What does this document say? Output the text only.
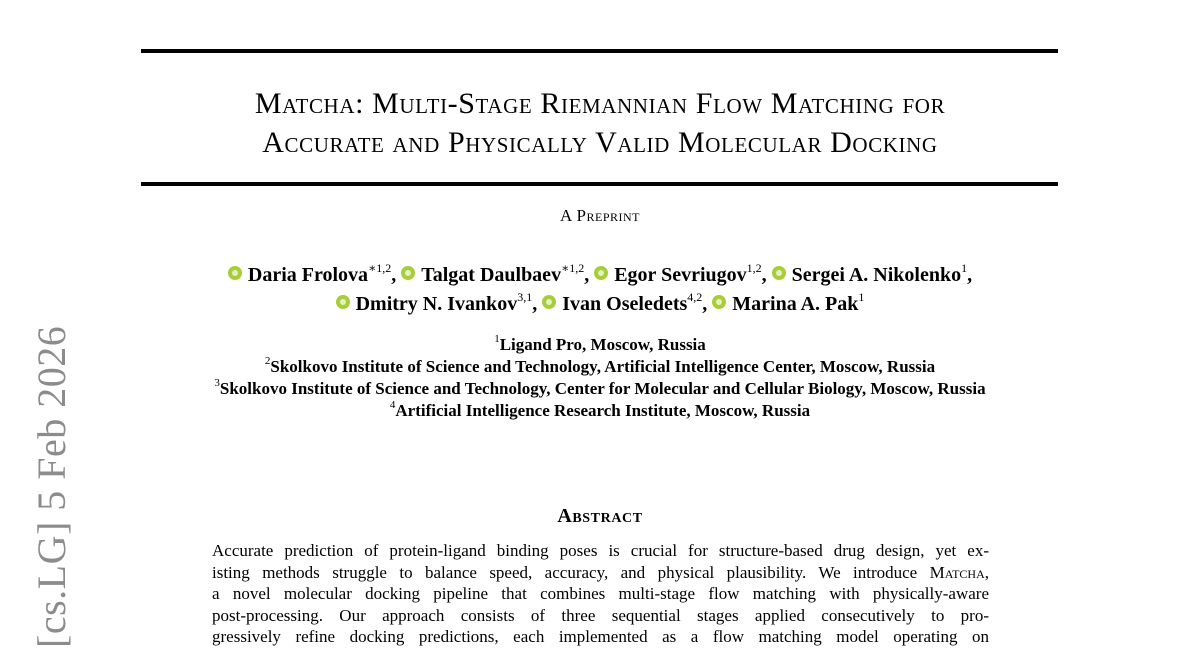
[cs.LG] 5 Feb 2026
Matcha: Multi-Stage Riemannian Flow Matching for
Accurate and Physically Valid Molecular Docking
A Preprint
Daria Frolova$^{∗1,2}$, Talgat Daulbaev$^{∗1,2}$, Egor Sevriugov$^{1,2}$, Sergei A. Nikolenko$^1$,
Dmitry N. Ivankov$^{3,1}$, Ivan Oseledets$^{4,2}$, Marina A. Pak$^1$
$^1$Ligand Pro, Moscow, Russia
$^2$Skolkovo Institute of Science and Technology, Artificial Intelligence Center, Moscow, Russia
$^3$Skolkovo Institute of Science and Technology, Center for Molecular and Cellular Biology, Moscow, Russia
$^4$Artificial Intelligence Research Institute, Moscow, Russia
Abstract
Accurate prediction of protein-ligand binding poses is crucial for structure-based drug design, yet ex-
isting methods struggle to balance speed, accuracy, and physical plausibility. We introduce Matcha,
a novel molecular docking pipeline that combines multi-stage flow matching with physically-aware
post-processing. Our approach consists of three sequential stages applied consecutively to pro-
gressively refine docking predictions, each implemented as a flow matching model operating on
